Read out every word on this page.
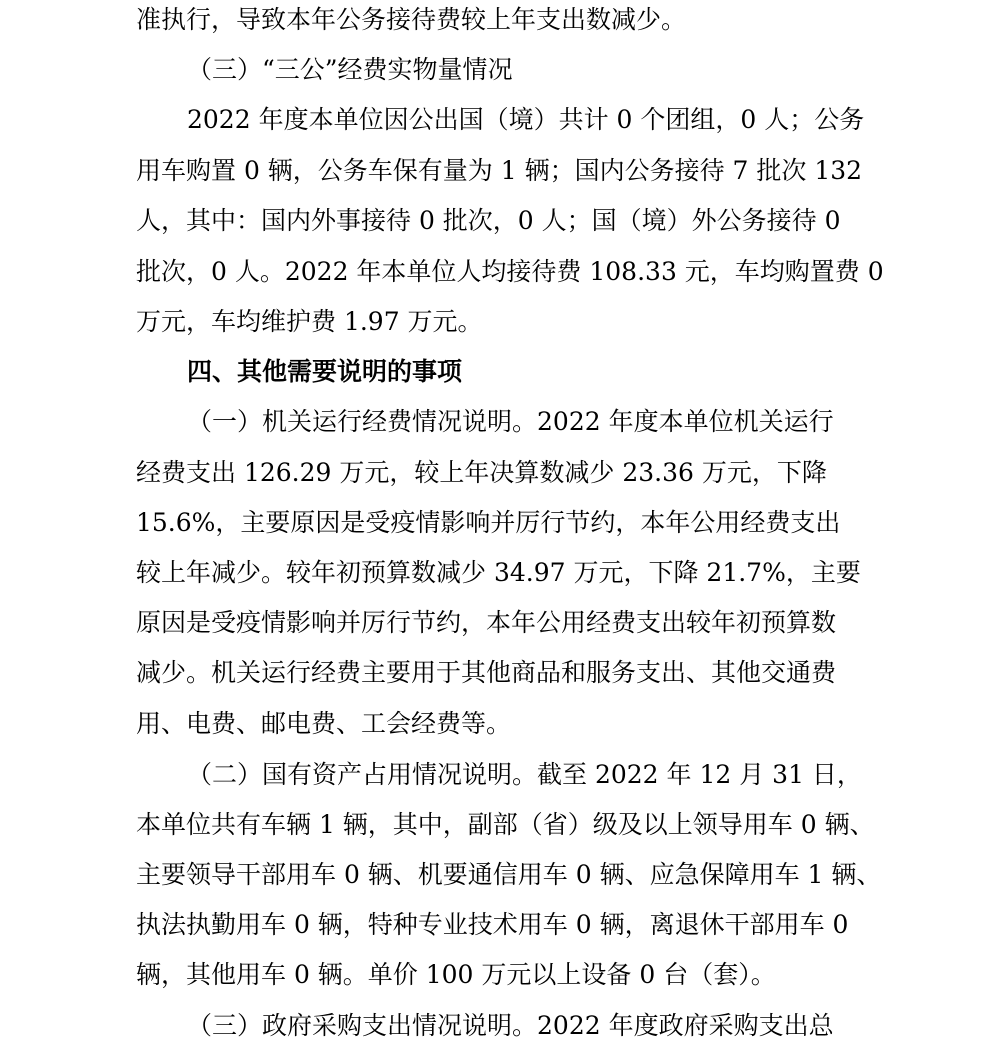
准执行，导致本年公务接待费较上年支出数减少。
（三）“三公”经费实物量情况
2022 年度本单位因公出国（境）共计 0 个团组，0 人；公务
用车购置 0 辆，公务车保有量为 1 辆；国内公务接待 7 批次 132
人，其中：国内外事接待 0 批次，0 人；国（境）外公务接待 0
批次，0 人。2022 年本单位人均接待费 108.33 元，车均购置费 0
万元，车均维护费 1.97 万元。
四、其他需要说明的事项
（一）机关运行经费情况说明。2022 年度本单位机关运行
经费支出 126.29 万元，较上年决算数减少 23.36 万元，下降
15.6%，主要原因是受疫情影响并厉行节约，本年公用经费支出
较上年减少。较年初预算数减少 34.97 万元，下降 21.7%，主要
原因是受疫情影响并厉行节约，本年公用经费支出较年初预算数
减少。机关运行经费主要用于其他商品和服务支出、其他交通费
用、电费、邮电费、工会经费等。
（二）国有资产占用情况说明。截至 2022 年 12 月 31 日，
本单位共有车辆 1 辆，其中，副部（省）级及以上领导用车 0 辆、
主要领导干部用车 0 辆、机要通信用车 0 辆、应急保障用车 1 辆、
执法执勤用车 0 辆，特种专业技术用车 0 辆，离退休干部用车 0
辆，其他用车 0 辆。单价 100 万元以上设备 0 台（套）。
（三）政府采购支出情况说明。2022 年度政府采购支出总
